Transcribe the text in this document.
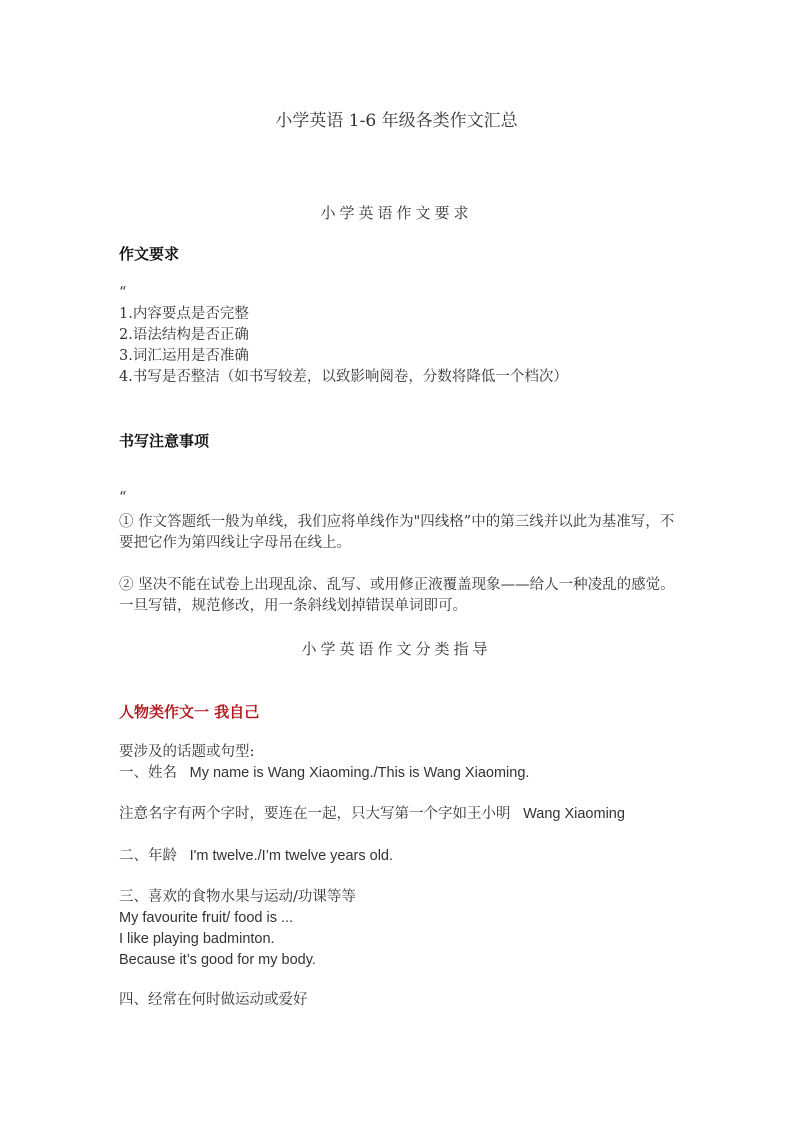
小学英语 1-6 年级各类作文汇总
小学英语作文要求
作文要求
“
1.内容要点是否完整
2.语法结构是否正确
3.词汇运用是否准确
4.书写是否整洁（如书写较差，以致影响阅卷，分数将降低一个档次）
书写注意事项
“
① 作文答题纸一般为单线，我们应将单线作为"四线格”中的第三线并以此为基准写，不要把它作为第四线让字母吊在线上。
② 坚决不能在试卷上出现乱涂、乱写、或用修正液覆盖现象——给人一种凌乱的感觉。一旦写错，规范修改，用一条斜线划掉错误单词即可。
小学英语作文分类指导
人物类作文一 我自己
要涉及的话题或句型:
一、姓名 My name is Wang Xiaoming./This is Wang Xiaoming.
注意名字有两个字时，要连在一起，只大写第一个字如王小明 Wang Xiaoming
二、年龄 I'm twelve./I’m twelve years old.
三、喜欢的食物水果与运动/功课等等
My favourite fruit/ food is ...
I like playing badminton.
Because it’s good for my body.
四、经常在何时做运动或爱好
